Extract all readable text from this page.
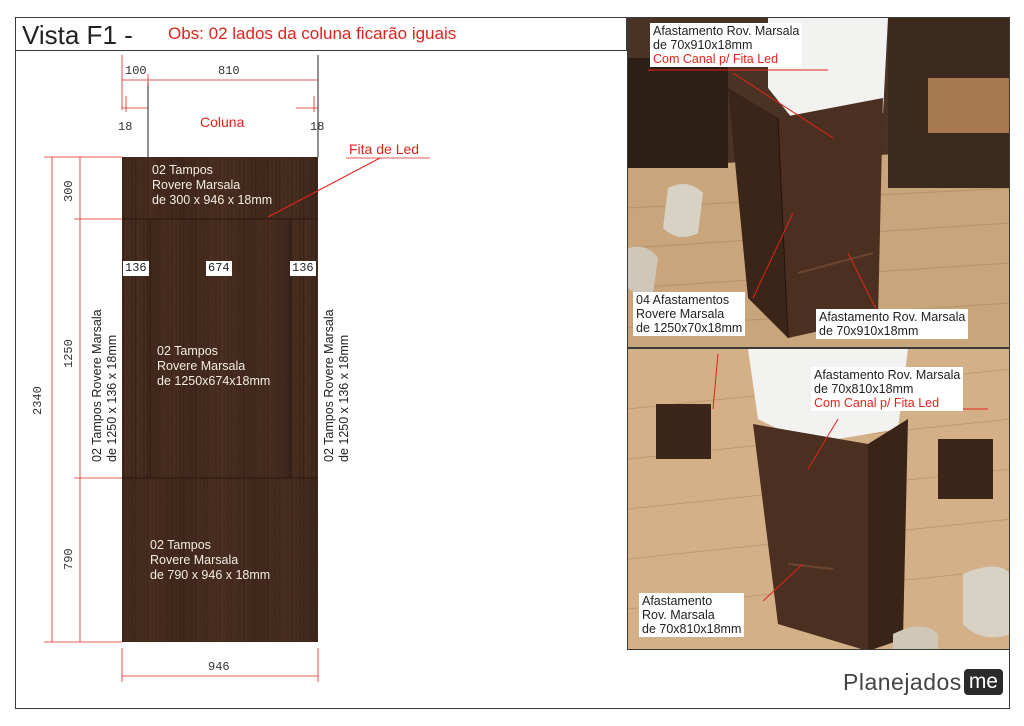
Vista F1 - Obs: 02 lados da coluna ficarão iguais
100	810
18	18
Coluna
Fita de Led
2340
300
1250
790
946
136	674	136
02 Tampos
Rovere Marsala
de 300 x 946 x 18mm
02 Tampos
Rovere Marsala
de 1250x674x18mm
02 Tampos
Rovere Marsala
de 790 x 946 x 18mm
02 Tampos Rovere Marsala de 1250 x 136 x 18mm	02 Tampos Rovere Marsala de 1250 x 136 x 18mm
Afastamento Rov. Marsala
de 70x910x18mm
Com Canal p/ Fita Led
04 Afastamentos
Rovere Marsala
de 1250x70x18mm
Afastamento Rov. Marsala
de 70x910x18mm
Afastamento Rov. Marsala
de 70x810x18mm
Com Canal p/ Fita Led
Afastamento
Rov. Marsala
de 70x810x18mm
Planejados me
